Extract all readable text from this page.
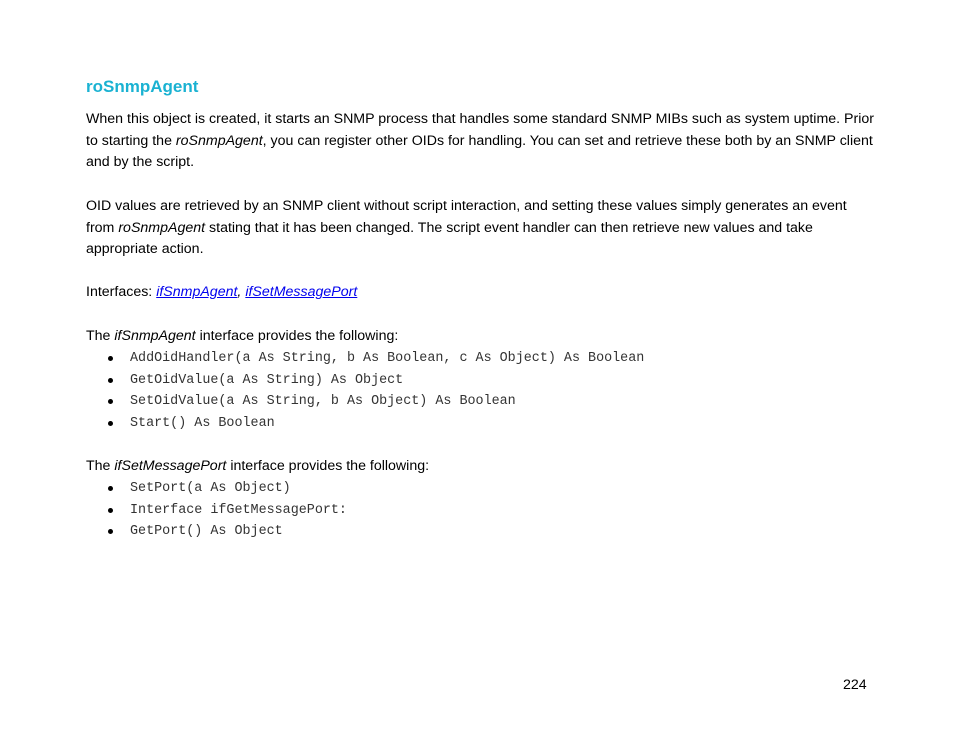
roSnmpAgent

When this object is created, it starts an SNMP process that handles some standard SNMP MIBs such as system uptime. Prior to starting the roSnmpAgent, you can register other OIDs for handling. You can set and retrieve these both by an SNMP client and by the script.

OID values are retrieved by an SNMP client without script interaction, and setting these values simply generates an event from roSnmpAgent stating that it has been changed. The script event handler can then retrieve new values and take appropriate action.

Interfaces: ifSnmpAgent, ifSetMessagePort

The ifSnmpAgent interface provides the following:

AddOidHandler(a As String, b As Boolean, c As Object) As Boolean
GetOidValue(a As String) As Object
SetOidValue(a As String, b As Object) As Boolean
Start() As Boolean

The ifSetMessagePort interface provides the following:

SetPort(a As Object)
Interface ifGetMessagePort:
GetPort() As Object
224
